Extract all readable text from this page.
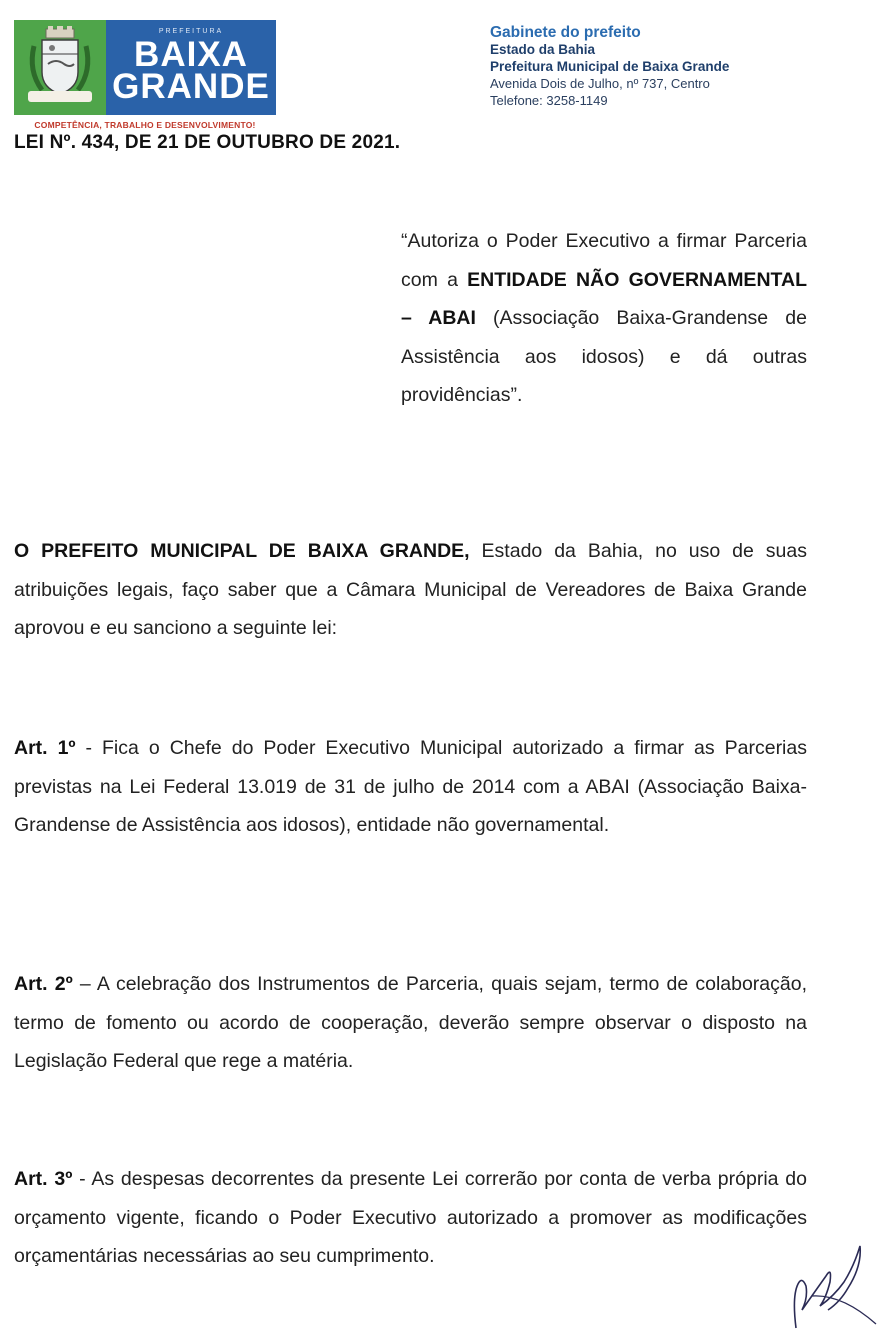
PREFEITURA
BAIXA
GRANDE
COMPETÊNCIA, TRABALHO E DESENVOLVIMENTO!
Gabinete do prefeito
Estado da Bahia
Prefeitura Municipal de Baixa Grande
Avenida Dois de Julho, nº 737, Centro
Telefone: 3258-1149
LEI Nº. 434, DE 21 DE OUTUBRO DE 2021.
“Autoriza o Poder Executivo a firmar Parceria com a ENTIDADE NÃO GOVERNAMENTAL – ABAI (Associação Baixa-Grandense de Assistência aos idosos) e dá outras providências”.
O PREFEITO MUNICIPAL DE BAIXA GRANDE, Estado da Bahia, no uso de suas atribuições legais, faço saber que a Câmara Municipal de Vereadores de Baixa Grande aprovou e eu sanciono a seguinte lei:
Art. 1º - Fica o Chefe do Poder Executivo Municipal autorizado a firmar as Parcerias previstas na Lei Federal 13.019 de 31 de julho de 2014 com a ABAI (Associação Baixa-Grandense de Assistência aos idosos), entidade não governamental.
Art. 2º – A celebração dos Instrumentos de Parceria, quais sejam, termo de colaboração, termo de fomento ou acordo de cooperação, deverão sempre observar o disposto na Legislação Federal que rege a matéria.
Art. 3º - As despesas decorrentes da presente Lei correrão por conta de verba própria do orçamento vigente, ficando o Poder Executivo autorizado a promover as modificações orçamentárias necessárias ao seu cumprimento.
